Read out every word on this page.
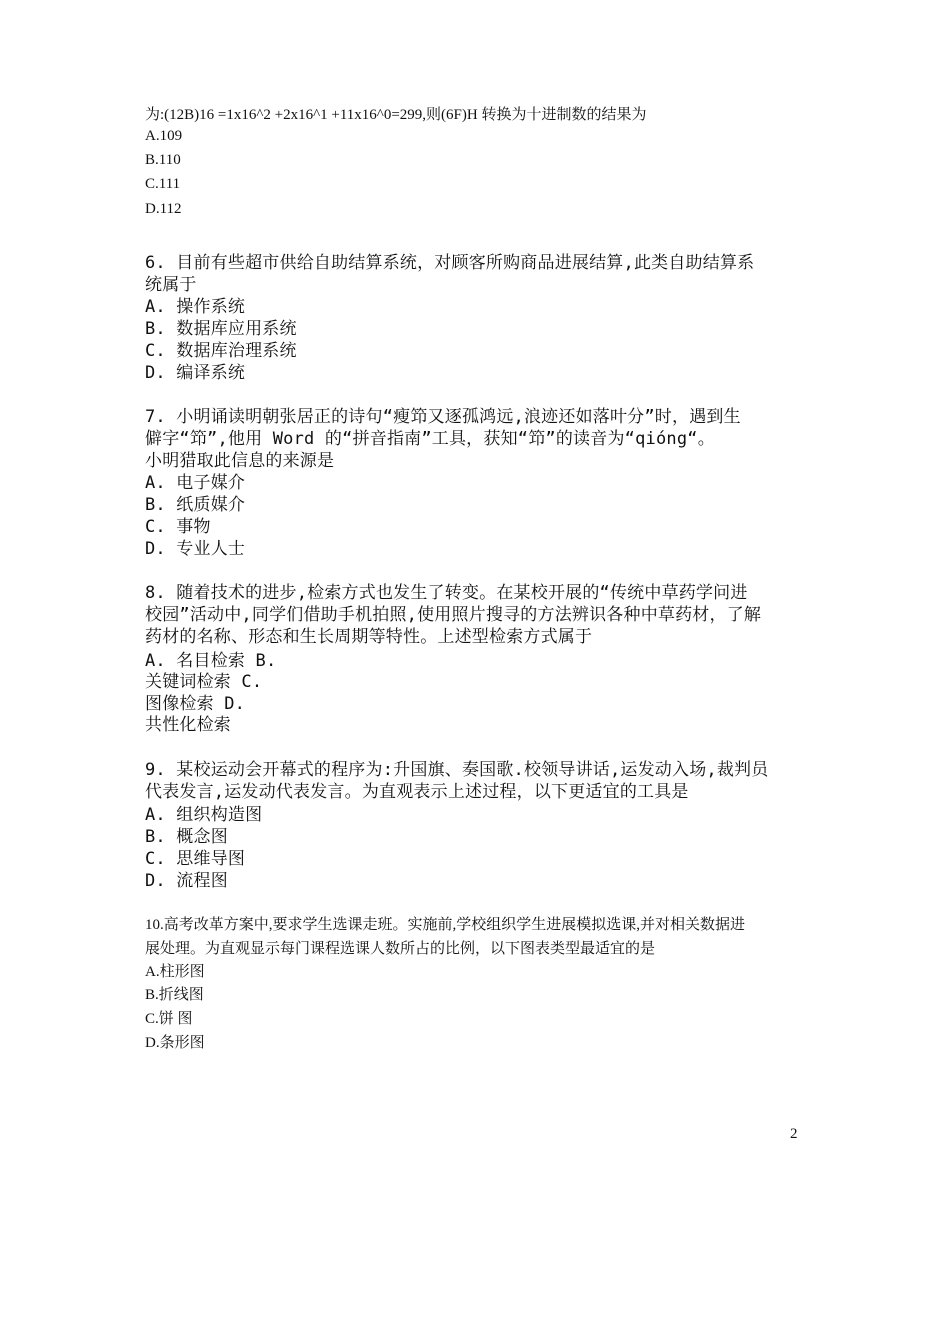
为:(12B)16 =1x16^2 +2x16^1 +11x16^0=299,则(6F)H 转换为十进制数的结果为
A.109
B.110
C.111
D.112
6. 目前有些超市供给自助结算系统，对顾客所购商品进展结算,此类自助结算系
统属于
A. 操作系统
B. 数据库应用系统
C. 数据库治理系统
D. 编译系统
7. 小明诵读明朝张居正的诗句“瘦笻又逐孤鸿远,浪迹还如落叶分”时，遇到生
僻字“笻”,他用 Word 的“拼音指南”工具，获知“笻”的读音为“qióng“。
小明猎取此信息的来源是
A. 电子媒介
B. 纸质媒介
C. 事物
D. 专业人士
8. 随着技术的进步,检索方式也发生了转变。在某校开展的“传统中草药学问进
校园”活动中,同学们借助手机拍照,使用照片搜寻的方法辨识各种中草药材，了解
药材的名称、形态和生长周期等特性。上述型检索方式属于
A. 名目检索 B.
关键词检索 C.
图像检索 D.
共性化检索
9. 某校运动会开幕式的程序为:升国旗、奏国歌.校领导讲话,运发动入场,裁判员
代表发言,运发动代表发言。为直观表示上述过程，以下更适宜的工具是
A. 组织构造图
B. 概念图
C. 思维导图
D. 流程图
10.高考改革方案中,要求学生选课走班。实施前,学校组织学生进展模拟选课,并对相关数据进
展处理。为直观显示每门课程选课人数所占的比例，以下图表类型最适宜的是
A.柱形图
B.折线图
C.饼 图
D.条形图
2
